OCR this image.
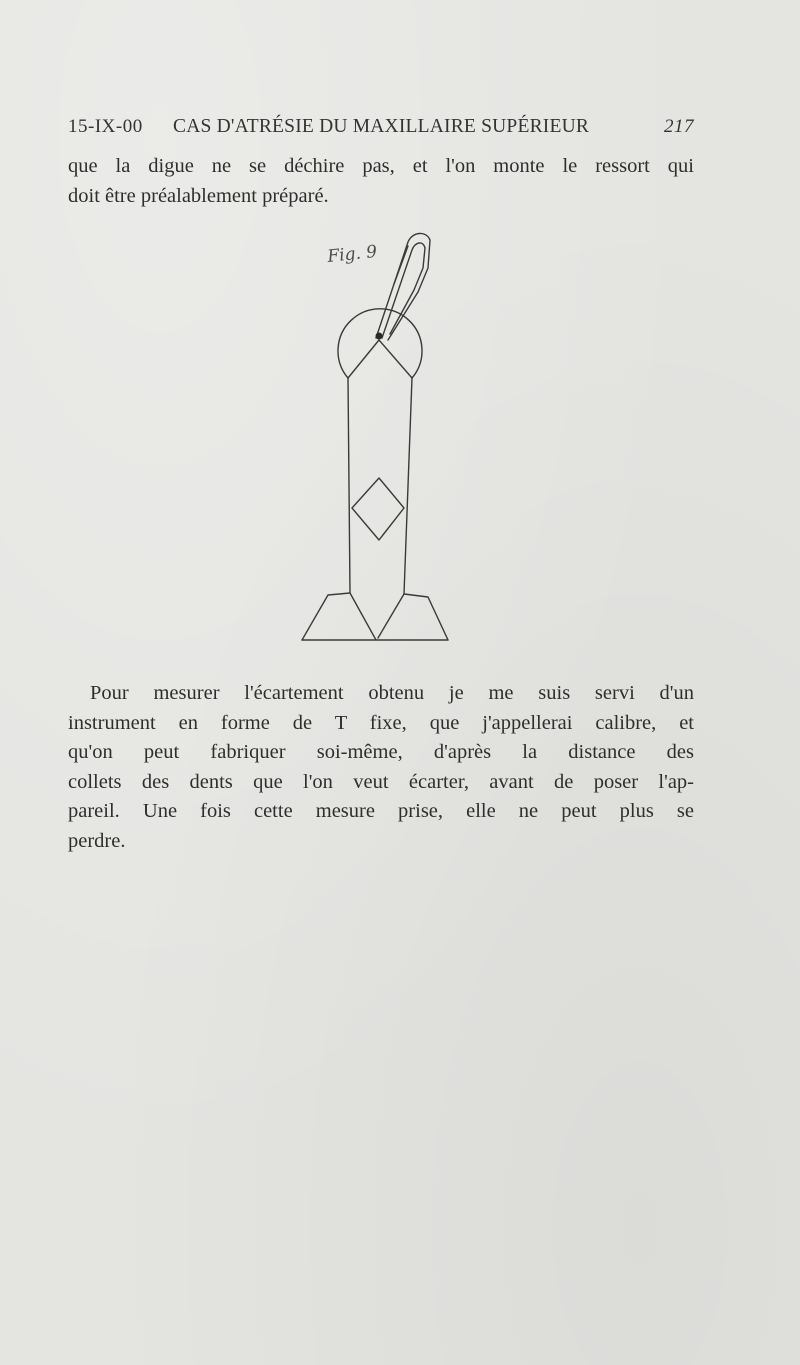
15-IX-00 CAS D'ATRÉSIE DU MAXILLAIRE SUPÉRIEUR	217
que la digue ne se déchire pas, et l'on monte le ressort qui
doit être préalablement préparé.
Fig. 9
Pour mesurer l'écartement obtenu je me suis servi d'un
instrument en forme de T fixe, que j'appellerai calibre, et
qu'on peut fabriquer soi-même, d'après la distance des
collets des dents que l'on veut écarter, avant de poser l'ap-
pareil. Une fois cette mesure prise, elle ne peut plus se
perdre.
